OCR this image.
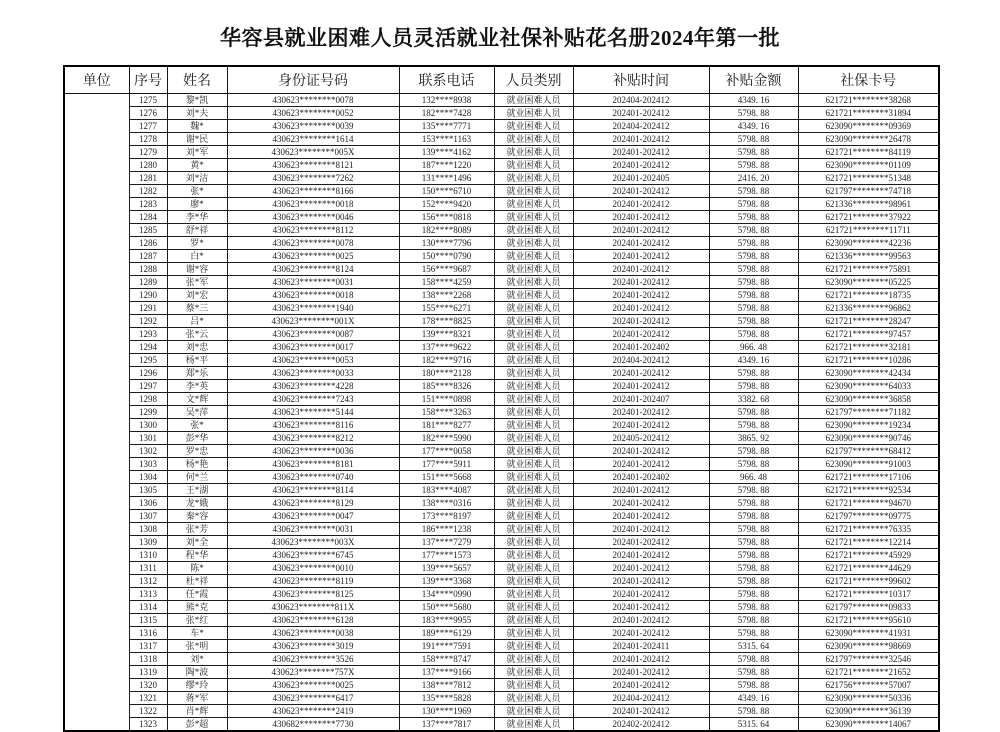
华容县就业困难人员灵活就业社保补贴花名册2024年第一批
单位	序号	姓名	身份证号码	联系电话	人员类别	补贴时间	补贴金额	社保卡号
	1275	黎*凯	430623********0078	132****8938	就业困难人员	202404-202412	4349. 16	621721********38268
	1276	刘*夫	430623********0052	182****7428	就业困难人员	202401-202412	5798. 88	621721********31894
	1277	魏*	430623********0039	135****7771	就业困难人员	202404-202412	4349. 16	623090********09369
	1278	谢*民	430623********1614	153****1163	就业困难人员	202401-202412	5798. 88	623090********26478
	1279	刘*军	430623********005X	139****4162	就业困难人员	202401-202412	5798. 88	621721********84119
	1280	黄*	430623********8121	187****1220	就业困难人员	202401-202412	5798. 88	623090********01109
	1281	刘*洁	430623********7262	131****1496	就业困难人员	202401-202405	2416. 20	621721********51348
	1282	张*	430623********8166	150****6710	就业困难人员	202401-202412	5798. 88	621797********74718
	1283	廖*	430623********0018	152****9420	就业困难人员	202401-202412	5798. 88	621336********98961
	1284	李*华	430623********0046	156****0818	就业困难人员	202401-202412	5798. 88	621721********37922
	1285	舒*祥	430623********8112	182****8089	就业困难人员	202401-202412	5798. 88	621721********11711
	1286	罗*	430623********0078	130****7796	就业困难人员	202401-202412	5798. 88	623090********42236
	1287	白*	430623********0025	150****0790	就业困难人员	202401-202412	5798. 88	621336********99563
	1288	谢*容	430623********8124	156****9687	就业困难人员	202401-202412	5798. 88	621721********75891
	1289	张*军	430623********0031	158****4259	就业困难人员	202401-202412	5798. 88	623090********05225
	1290	刘*宏	430623********0018	138****2268	就业困难人员	202401-202412	5798. 88	621721********18735
	1291	蔡*三	430623********1940	155****6271	就业困难人员	202401-202412	5798. 88	621336********96862
	1292	吕*	430623********001X	178****8825	就业困难人员	202401-202412	5798. 88	621721********28247
	1293	张*云	430623********0087	139****8321	就业困难人员	202401-202412	5798. 88	621721********97457
	1294	刘*忠	430623********0017	137****9622	就业困难人员	202401-202402	966. 48	621721********32181
	1295	杨*平	430623********0053	182****9716	就业困难人员	202404-202412	4349. 16	621721********10286
	1296	郑*乐	430623********0033	180****2128	就业困难人员	202401-202412	5798. 88	623090********42434
	1297	李*英	430623********4228	185****8326	就业困难人员	202401-202412	5798. 88	623090********64033
	1298	文*辉	430623********7243	151****0898	就业困难人员	202401-202407	3382. 68	623090********36858
	1299	吴*萍	430623********5144	158****3263	就业困难人员	202401-202412	5798. 88	621797********71182
	1300	张*	430623********8116	181****8277	就业困难人员	202401-202412	5798. 88	623090********19234
	1301	彭*华	430623********8212	182****5990	就业困难人员	202405-202412	3865. 92	623090********90746
	1302	罗*忠	430623********0036	177****0058	就业困难人员	202401-202412	5798. 88	621797********68412
	1303	杨*艳	430623********8181	177****5911	就业困难人员	202401-202412	5798. 88	623090********91003
	1304	何*兰	430623********0740	151****5668	就业困难人员	202401-202402	966. 48	621721********17106
	1305	王*湖	430623********8114	183****4087	就业困难人员	202401-202412	5798. 88	621721********92534
	1306	龙*娥	430623********8129	138****0316	就业困难人员	202401-202412	5798. 88	621721********94670
	1307	秦*容	430623********0047	173****8197	就业困难人员	202401-202412	5798. 88	621797********09775
	1308	张*芳	430623********0031	186****1238	就业困难人员	202401-202412	5798. 88	621721********76335
	1309	刘*全	430623********003X	137****7279	就业困难人员	202401-202412	5798. 88	621721********12214
	1310	程*华	430623********6745	177****1573	就业困难人员	202401-202412	5798. 88	621721********45929
	1311	陈*	430623********0010	139****5657	就业困难人员	202401-202412	5798. 88	621721********44629
	1312	杜*祥	430623********8119	139****3368	就业困难人员	202401-202412	5798. 88	621721********99602
	1313	任*霞	430623********8125	134****0990	就业困难人员	202401-202412	5798. 88	621721********10317
	1314	熊*克	430623********811X	150****5680	就业困难人员	202401-202412	5798. 88	621797********09833
	1315	张*红	430623********6128	183****9955	就业困难人员	202401-202412	5798. 88	621721********95610
	1316	车*	430623********0038	189****6129	就业困难人员	202401-202412	5798. 88	623090********41931
	1317	张*明	430623********3019	191****7591	就业困难人员	202401-202411	5315. 64	623090********98669
	1318	刘*	430623********3526	158****8747	就业困难人员	202401-202412	5798. 88	621797********32546
	1319	陶*波	430623********757X	137****9166	就业困难人员	202401-202412	5798. 88	621721********21652
	1320	缪*玲	430623********0025	138****7812	就业困难人员	202401-202412	5798. 88	621756********57007
	1321	蒋*军	430623********6417	135****5828	就业困难人员	202404-202412	4349. 16	623090********50336
	1322	肖*辉	430623********2419	130****1969	就业困难人员	202401-202412	5798. 88	623090********36139
	1323	彭*超	430682********7730	137****7817	就业困难人员	202402-202412	5315. 64	623090********14067
